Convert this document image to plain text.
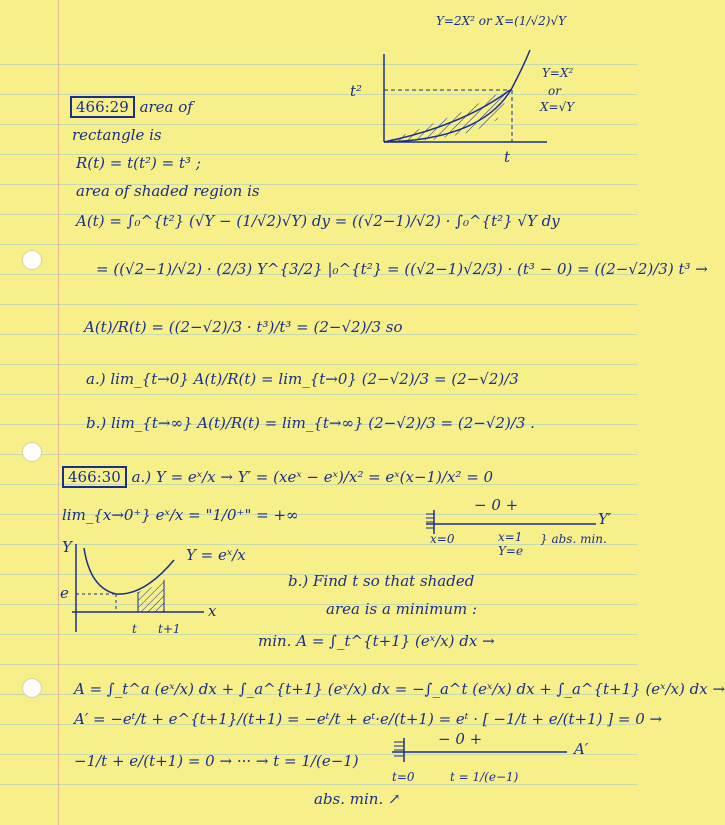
Y=2X² or X=(1/√2)√Y
Y=X²
or
X=√Y
t²
t
466:29 area of
rectangle is
R(t) = t(t²) = t³ ;
area of shaded region is
A(t) = ∫₀^{t²} (√Y − (1/√2)√Y) dy = ((√2−1)/√2) · ∫₀^{t²} √Y dy
= ((√2−1)/√2) · (2/3) Y^{3/2} |₀^{t²} = ((√2−1)√2/3) · (t³ − 0) = ((2−√2)/3) t³ →
A(t)/R(t) = ((2−√2)/3 · t³)/t³ = (2−√2)/3 so
a.) lim_{t→0} A(t)/R(t) = lim_{t→0} (2−√2)/3 = (2−√2)/3
b.) lim_{t→∞} A(t)/R(t) = lim_{t→∞} (2−√2)/3 = (2−√2)/3 .
466:30 a.) Y = eˣ/x → Y′ = (xeˣ − eˣ)/x² = eˣ(x−1)/x² = 0
lim_{x→0⁺} eˣ/x = "1/0⁺" = +∞
− 0 +
Y′
x=0	x=1
Y=e
} abs. min.
Y
e
x
Y = eˣ/x
t t+1
b.) Find t so that shaded
area is a minimum :
min. A = ∫_t^{t+1} (eˣ/x) dx →
A = ∫_t^a (eˣ/x) dx + ∫_a^{t+1} (eˣ/x) dx = −∫_a^t (eˣ/x) dx + ∫_a^{t+1} (eˣ/x) dx →
A′ = −eᵗ/t + e^{t+1}/(t+1) = −eᵗ/t + eᵗ·e/(t+1) = eᵗ · [ −1/t + e/(t+1) ] = 0 →
−1/t + e/(t+1) = 0 → ··· → t = 1/(e−1)
− 0 +
A′
t=0	t = 1/(e−1)
abs. min. ↗
